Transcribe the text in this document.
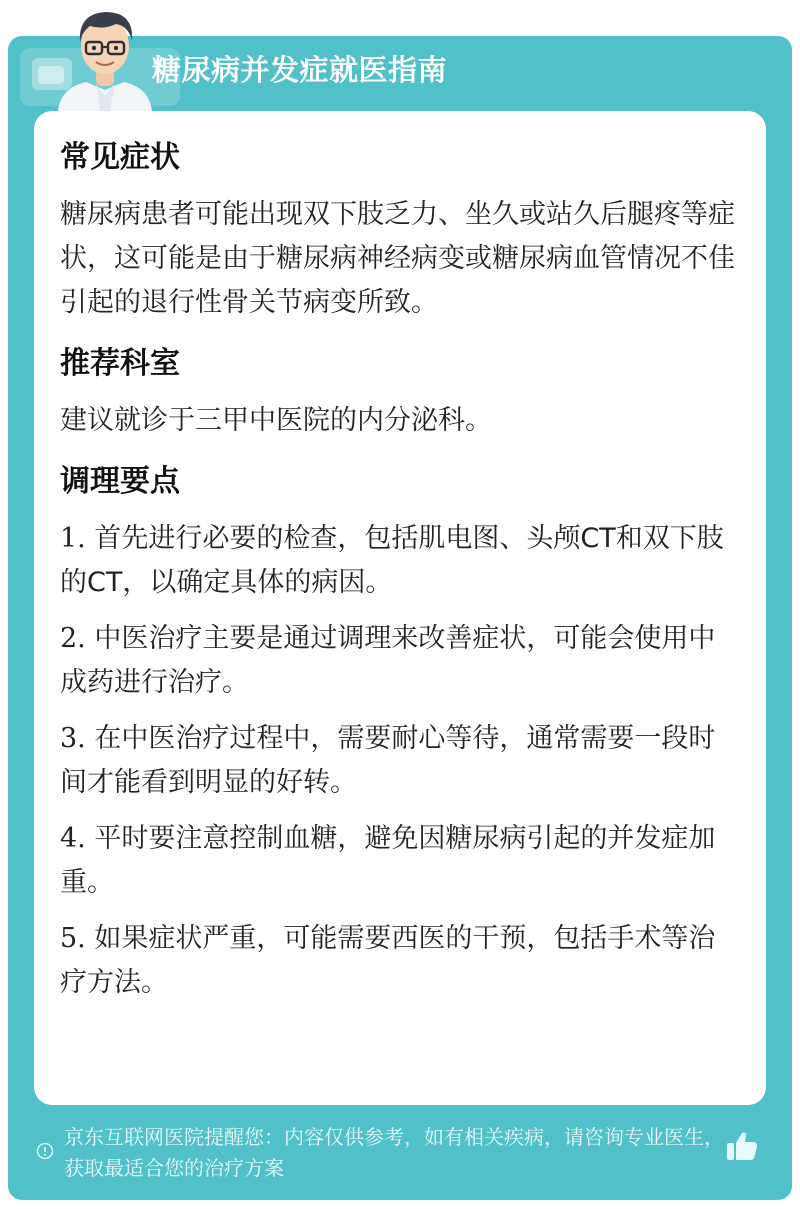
糖尿病并发症就医指南
常见症状

糖尿病患者可能出现双下肢乏力、坐久或站久后腿疼等症状，这可能是由于糖尿病神经病变或糖尿病血管情况不佳引起的退行性骨关节病变所致。

推荐科室

建议就诊于三甲中医院的内分泌科。

调理要点

1. 首先进行必要的检查，包括肌电图、头颅CT和双下肢的CT，以确定具体的病因。

2. 中医治疗主要是通过调理来改善症状，可能会使用中成药进行治疗。

3. 在中医治疗过程中，需要耐心等待，通常需要一段时间才能看到明显的好转。

4. 平时要注意控制血糖，避免因糖尿病引起的并发症加重。

5. 如果症状严重，可能需要西医的干预，包括手术等治疗方法。

京东互联网医院提醒您：内容仅供参考，如有相关疾病，请咨询专业医生，获取最适合您的治疗方案
